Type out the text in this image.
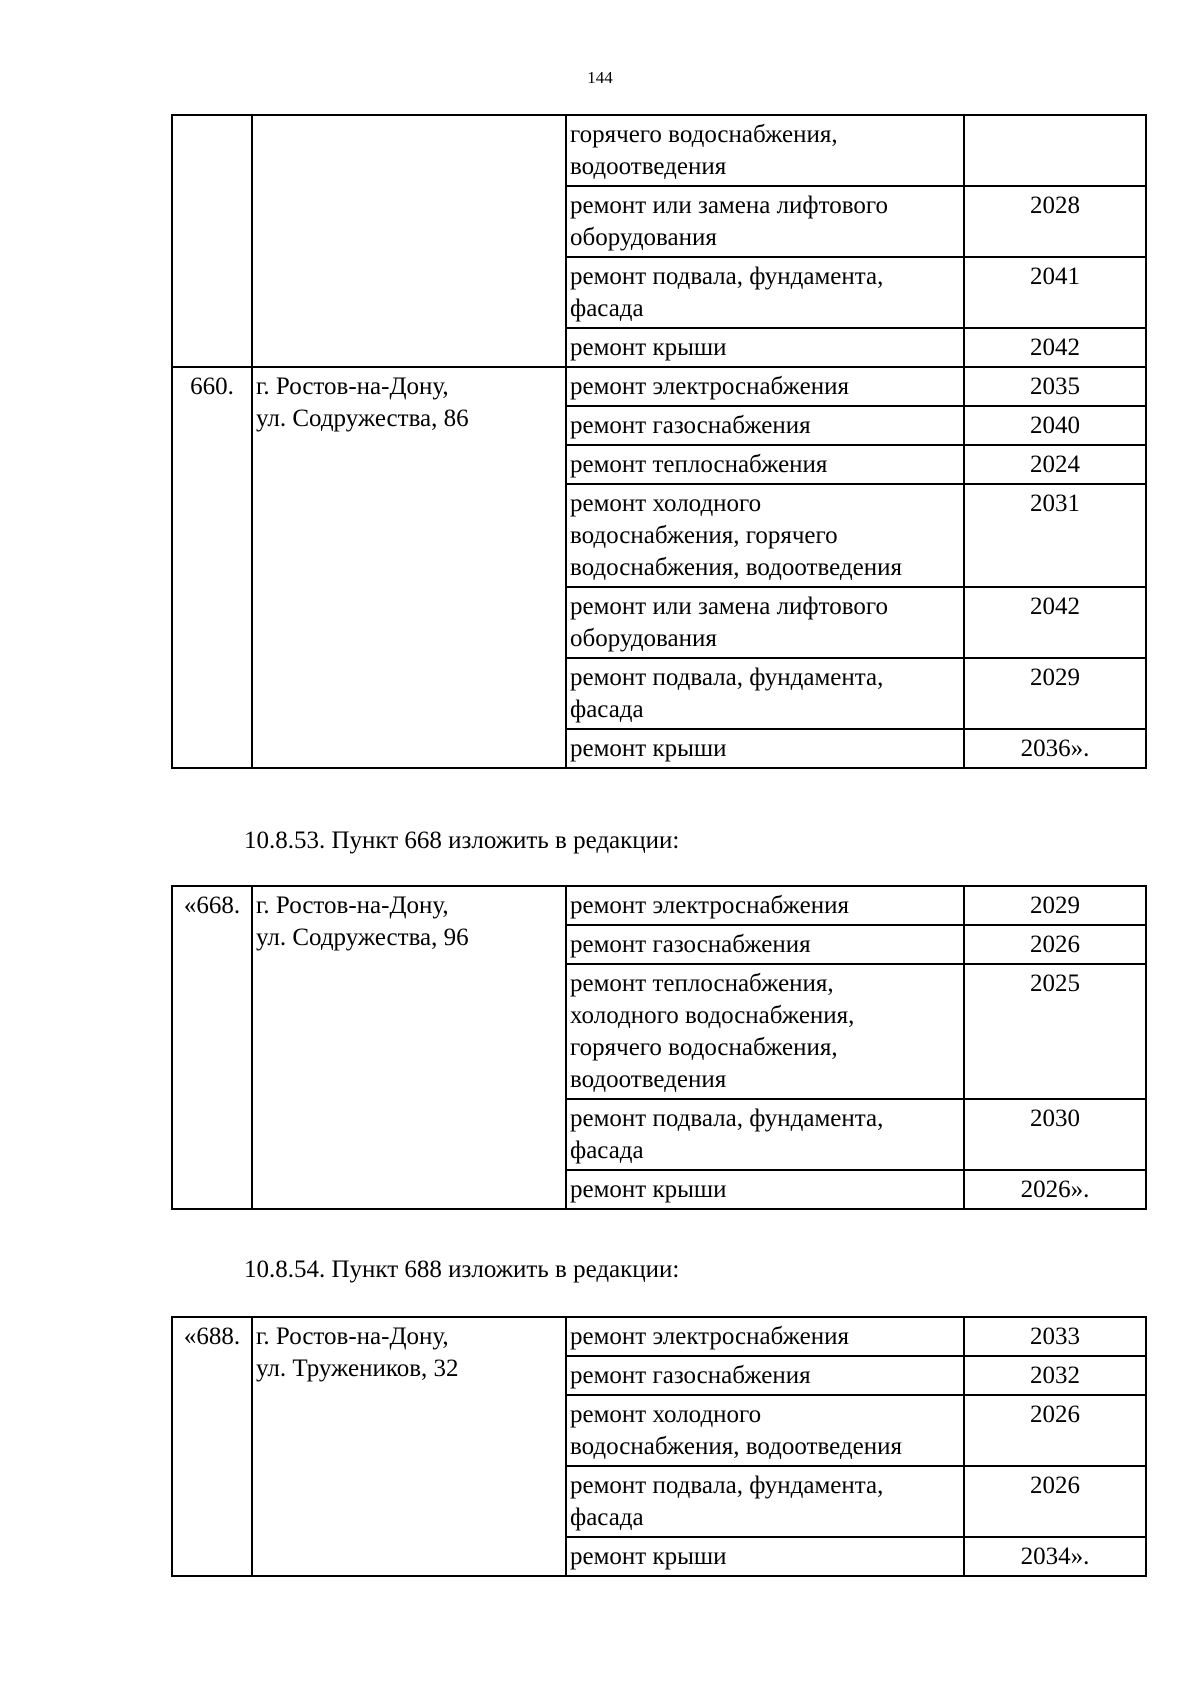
144

		горячего водоснабжения,
водоотведения	

		ремонт или замена лифтового
оборудования	2028

		ремонт подвала, фундамента,
фасада	2041

		ремонт крыши	2042
660.	г. Ростов-на-Дону,
ул. Содружества, 86	ремонт электроснабжения	2035

		ремонт газоснабжения	2040

		ремонт теплоснабжения	2024

		ремонт холодного
водоснабжения, горячего
водоснабжения, водоотведения	2031

		ремонт или замена лифтового
оборудования	2042

		ремонт подвала, фундамента,
фасада	2029

		ремонт крыши	2036».
10.8.53. Пункт 668 изложить в редакции:
«668.	г. Ростов-на-Дону,
ул. Содружества, 96	ремонт электроснабжения	2029

		ремонт газоснабжения	2026

		ремонт теплоснабжения,
холодного водоснабжения,
горячего водоснабжения,
водоотведения	2025

		ремонт подвала, фундамента,
фасада	2030

		ремонт крыши	2026».
10.8.54. Пункт 688 изложить в редакции:
«688.	г. Ростов-на-Дону,
ул. Тружеников, 32	ремонт электроснабжения	2033

		ремонт газоснабжения	2032

		ремонт холодного
водоснабжения, водоотведения	2026

		ремонт подвала, фундамента,
фасада	2026

		ремонт крыши	2034».
